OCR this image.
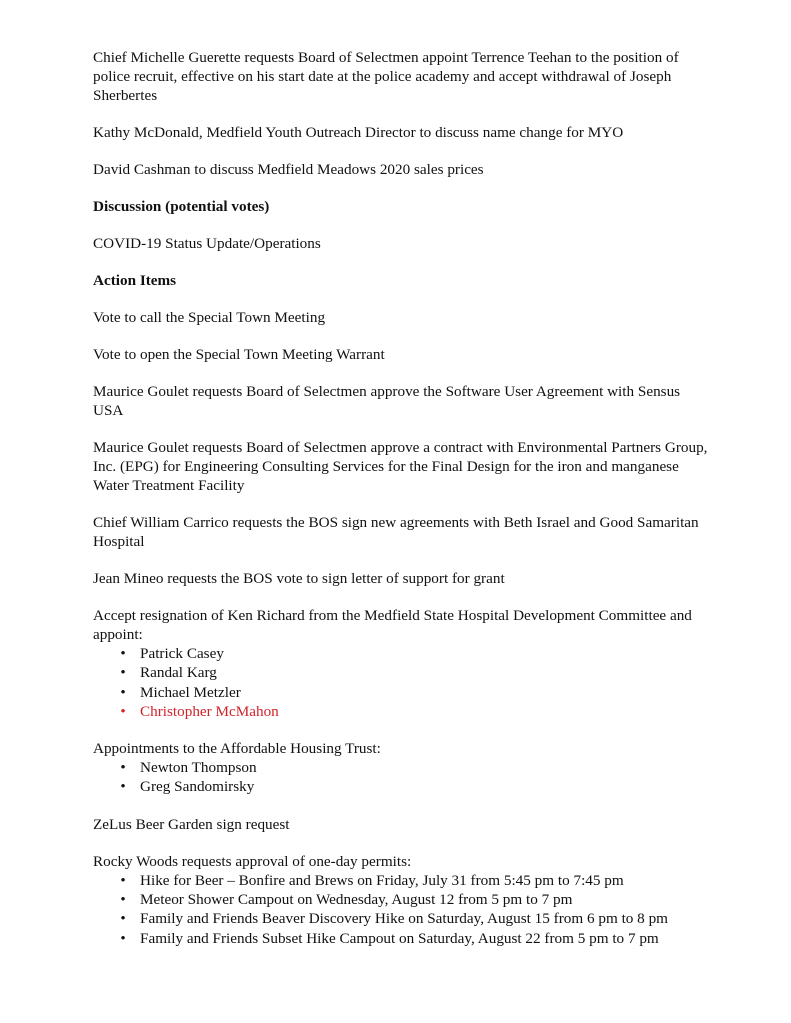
Chief Michelle Guerette requests Board of Selectmen appoint Terrence Teehan to the position of police recruit, effective on his start date at the police academy and accept withdrawal of Joseph Sherbertes

Kathy McDonald, Medfield Youth Outreach Director to discuss name change for MYO

David Cashman to discuss Medfield Meadows 2020 sales prices

Discussion (potential votes)

COVID-19 Status Update/Operations

Action Items

Vote to call the Special Town Meeting

Vote to open the Special Town Meeting Warrant

Maurice Goulet requests Board of Selectmen approve the Software User Agreement with Sensus USA

Maurice Goulet requests Board of Selectmen approve a contract with Environmental Partners Group, Inc. (EPG) for Engineering Consulting Services for the Final Design for the iron and manganese Water Treatment Facility

Chief William Carrico requests the BOS sign new agreements with Beth Israel and Good Samaritan Hospital

Jean Mineo requests the BOS vote to sign letter of support for grant

Accept resignation of Ken Richard from the Medfield State Hospital Development Committee and appoint:

• Patrick Casey
• Randal Karg
• Michael Metzler
• Christopher McMahon

Appointments to the Affordable Housing Trust:

• Newton Thompson
• Greg Sandomirsky

ZeLus Beer Garden sign request

Rocky Woods requests approval of one-day permits:

• Hike for Beer – Bonfire and Brews on Friday, July 31 from 5:45 pm to 7:45 pm
• Meteor Shower Campout on Wednesday, August 12 from 5 pm to 7 pm
• Family and Friends Beaver Discovery Hike on Saturday, August 15 from 6 pm to 8 pm
• Family and Friends Subset Hike Campout on Saturday, August 22 from 5 pm to 7 pm
